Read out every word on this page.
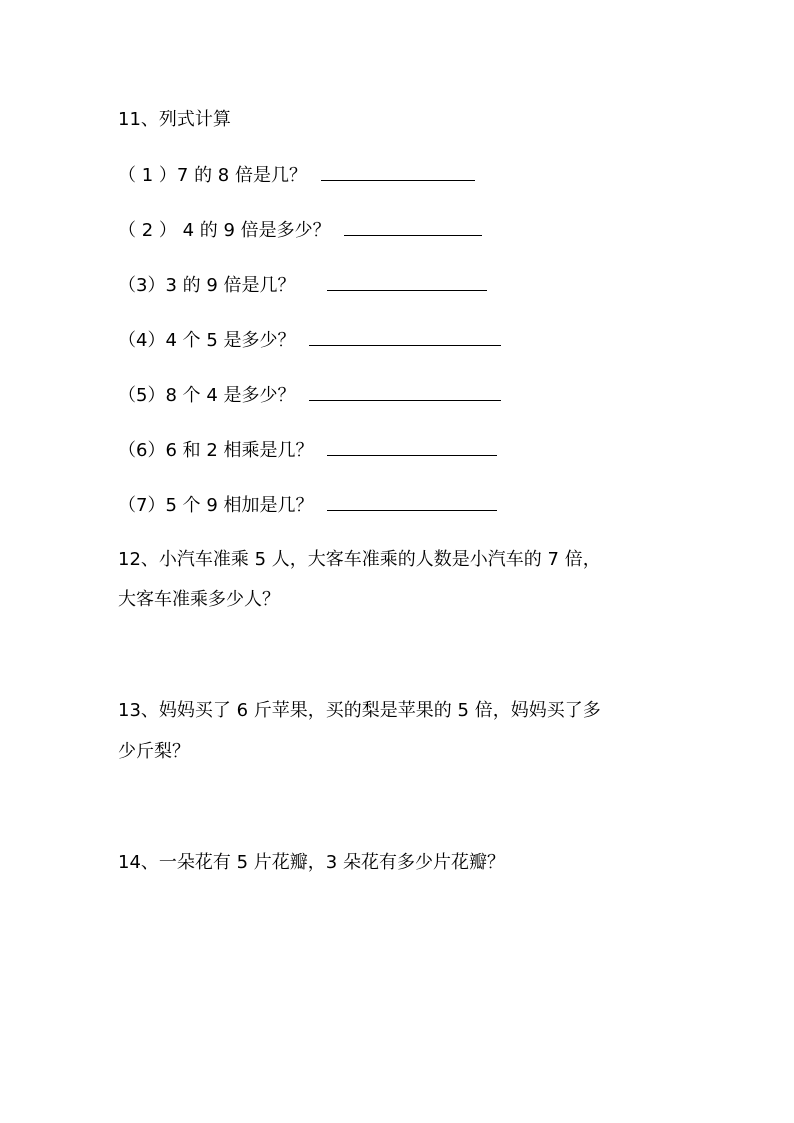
11、列式计算
（ 1 ）7 的 8 倍是几？
（ 2 ） 4 的 9 倍是多少？
（3）3 的 9 倍是几？
（4）4 个 5 是多少？
（5）8 个 4 是多少？
（6）6 和 2 相乘是几？
（7）5 个 9 相加是几？
12、小汽车准乘 5 人，大客车准乘的人数是小汽车的 7 倍，
大客车准乘多少人？
13、妈妈买了 6 斤苹果，买的梨是苹果的 5 倍，妈妈买了多
少斤梨？
14、一朵花有 5 片花瓣，3 朵花有多少片花瓣？
